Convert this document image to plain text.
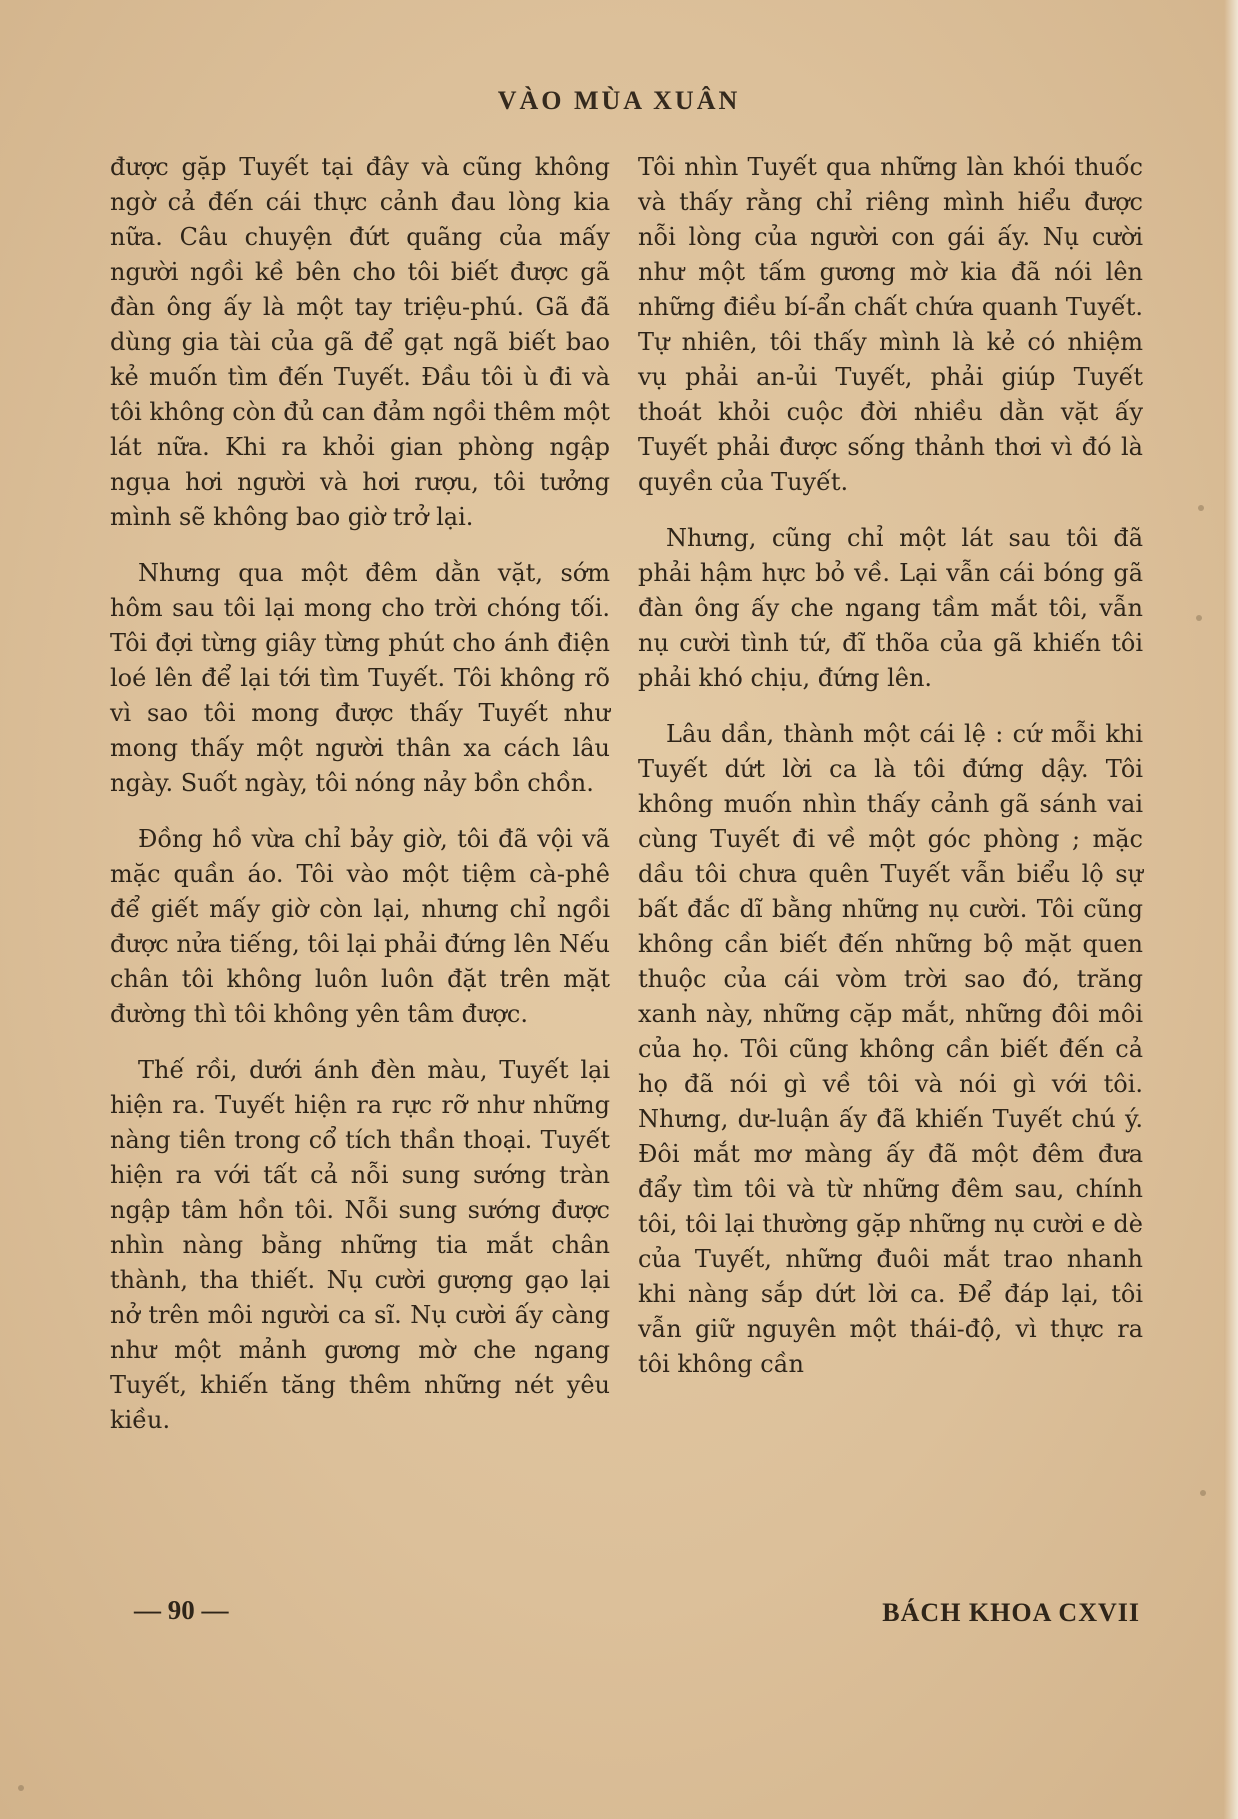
VÀO MÙA XUÂN

được gặp Tuyết tại đây và cũng không ngờ cả đến cái thực cảnh đau lòng kia nữa. Câu chuyện đứt quãng của mấy người ngồi kề bên cho tôi biết được gã đàn ông ấy là một tay triệu-phú. Gã đã dùng gia tài của gã để gạt ngã biết bao kẻ muốn tìm đến Tuyết. Đầu tôi ù đi và tôi không còn đủ can đảm ngồi thêm một lát nữa. Khi ra khỏi gian phòng ngập ngụa hơi người và hơi rượu, tôi tưởng mình sẽ không bao giờ trở lại.

Nhưng qua một đêm dằn vặt, sớm hôm sau tôi lại mong cho trời chóng tối. Tôi đợi từng giây từng phút cho ánh điện loé lên để lại tới tìm Tuyết. Tôi không rõ vì sao tôi mong được thấy Tuyết như mong thấy một người thân xa cách lâu ngày. Suốt ngày, tôi nóng nảy bồn chồn.

Đồng hồ vừa chỉ bảy giờ, tôi đã vội vã mặc quần áo. Tôi vào một tiệm cà-phê để giết mấy giờ còn lại, nhưng chỉ ngồi được nửa tiếng, tôi lại phải đứng lên Nếu chân tôi không luôn luôn đặt trên mặt đường thì tôi không yên tâm được.

Thế rồi, dưới ánh đèn màu, Tuyết lại hiện ra. Tuyết hiện ra rực rỡ như những nàng tiên trong cổ tích thần thoại. Tuyết hiện ra với tất cả nỗi sung sướng tràn ngập tâm hồn tôi. Nỗi sung sướng được nhìn nàng bằng những tia mắt chân thành, tha thiết. Nụ cười gượng gạo lại nở trên môi người ca sĩ. Nụ cười ấy càng như một mảnh gương mờ che ngang Tuyết, khiến tăng thêm những nét yêu kiều.

Tôi nhìn Tuyết qua những làn khói thuốc và thấy rằng chỉ riêng mình hiểu được nỗi lòng của người con gái ấy. Nụ cười như một tấm gương mờ kia đã nói lên những điều bí-ẩn chất chứa quanh Tuyết. Tự nhiên, tôi thấy mình là kẻ có nhiệm vụ phải an-ủi Tuyết, phải giúp Tuyết thoát khỏi cuộc đời nhiều dằn vặt ấy Tuyết phải được sống thảnh thơi vì đó là quyền của Tuyết.

Nhưng, cũng chỉ một lát sau tôi đã phải hậm hực bỏ về. Lại vẫn cái bóng gã đàn ông ấy che ngang tầm mắt tôi, vẫn nụ cười tình tứ, đĩ thõa của gã khiến tôi phải khó chịu, đứng lên.

Lâu dần, thành một cái lệ : cứ mỗi khi Tuyết dứt lời ca là tôi đứng dậy. Tôi không muốn nhìn thấy cảnh gã sánh vai cùng Tuyết đi về một góc phòng ; mặc dầu tôi chưa quên Tuyết vẫn biểu lộ sự bất đắc dĩ bằng những nụ cười. Tôi cũng không cần biết đến những bộ mặt quen thuộc của cái vòm trời sao đó, trăng xanh này, những cặp mắt, những đôi môi của họ. Tôi cũng không cần biết đến cả họ đã nói gì về tôi và nói gì với tôi. Nhưng, dư-luận ấy đã khiến Tuyết chú ý. Đôi mắt mơ màng ấy đã một đêm đưa đẩy tìm tôi và từ những đêm sau, chính tôi, tôi lại thường gặp những nụ cười e dè của Tuyết, những đuôi mắt trao nhanh khi nàng sắp dứt lời ca. Để đáp lại, tôi vẫn giữ nguyên một thái-độ, vì thực ra tôi không cần

— 90 —	BÁCH KHOA CXVII
